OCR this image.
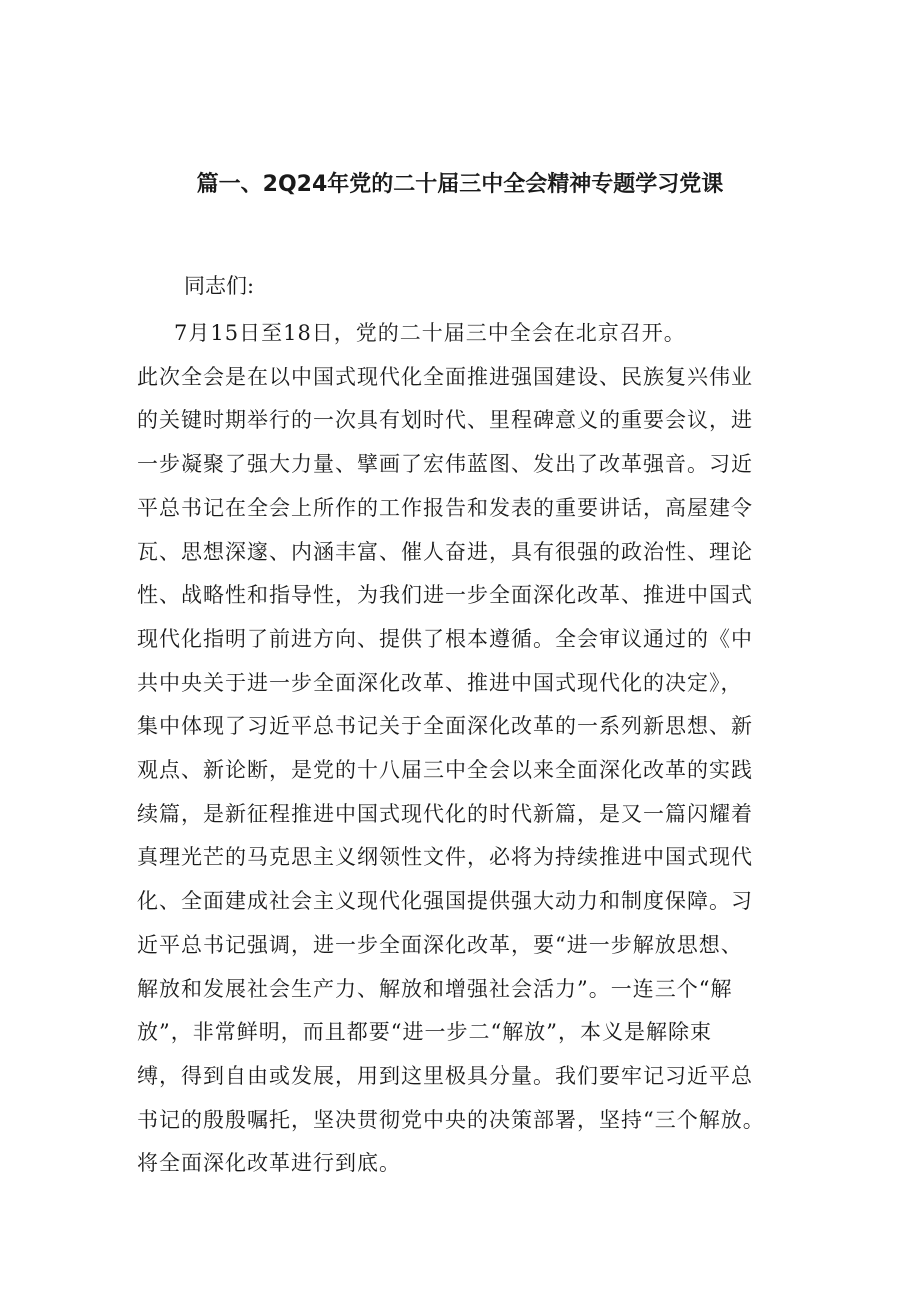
篇一、2Q24年党的二十届三中全会精神专题学习党课
同志们:
7月15日至18日，党的二十届三中全会在北京召开。
此次全会是在以中国式现代化全面推进强国建设、民族复兴伟业
的关键时期举行的一次具有划时代、里程碑意义的重要会议，进
一步凝聚了强大力量、擘画了宏伟蓝图、发出了改革强音。习近
平总书记在全会上所作的工作报告和发表的重要讲话，高屋建令
瓦、思想深邃、内涵丰富、催人奋进，具有很强的政治性、理论
性、战略性和指导性，为我们进一步全面深化改革、推进中国式
现代化指明了前进方向、提供了根本遵循。全会审议通过的《中
共中央关于进一步全面深化改革、推进中国式现代化的决定》，
集中体现了习近平总书记关于全面深化改革的一系列新思想、新
观点、新论断，是党的十八届三中全会以来全面深化改革的实践
续篇，是新征程推进中国式现代化的时代新篇，是又一篇闪耀着
真理光芒的马克思主义纲领性文件，必将为持续推进中国式现代
化、全面建成社会主义现代化强国提供强大动力和制度保障。习
近平总书记强调，进一步全面深化改革，要“进一步解放思想、
解放和发展社会生产力、解放和增强社会活力”。一连三个“解
放”，非常鲜明，而且都要“进一步二“解放”，本义是解除束
缚，得到自由或发展，用到这里极具分量。我们要牢记习近平总
书记的殷殷嘱托，坚决贯彻党中央的决策部署，坚持“三个解放。
将全面深化改革进行到底。
